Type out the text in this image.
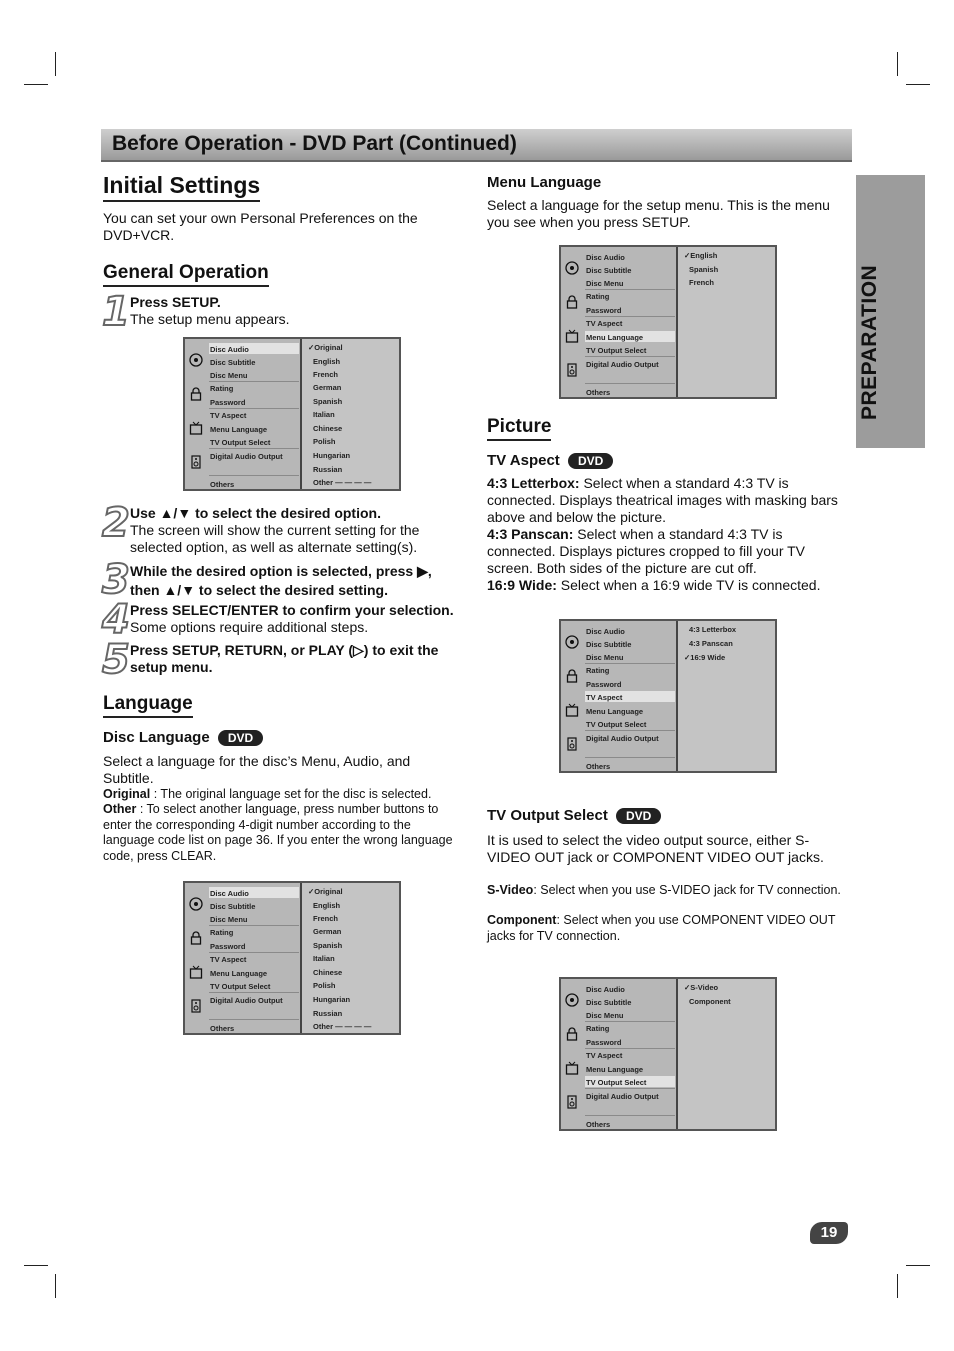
Before Operation - DVD Part (Continued)
PREPARATION
Initial Settings
You can set your own Personal Preferences on the DVD+VCR.
General Operation
1 Press SETUP.
The setup menu appears.
Disc Audio
Disc Subtitle
Disc Menu
Rating
Password
TV Aspect
Menu Language
TV Output Select
Digital Audio Output
Others
✓Original
English
French
German
Spanish
Italian
Chinese
Polish
Hungarian
Russian
Other — — — —
2 Use ▲/▼ to select the desired option.
The screen will show the current setting for the selected option, as well as alternate setting(s).
3 While the desired option is selected, press ▶, then ▲/▼ to select the desired setting.
4 Press SELECT/ENTER to confirm your selection.
Some options require additional steps.
5 Press SETUP, RETURN, or PLAY (▷) to exit the setup menu.
Language
Disc Language DVD
Select a language for the disc’s Menu, Audio, and Subtitle.
Original : The original language set for the disc is selected.
Other : To select another language, press number buttons to enter the corresponding 4-digit number according to the language code list on page 36. If you enter the wrong language code, press CLEAR.
Disc Audio
Disc Subtitle
Disc Menu
Rating
Password
TV Aspect
Menu Language
TV Output Select
Digital Audio Output
Others
✓Original
English
French
German
Spanish
Italian
Chinese
Polish
Hungarian
Russian
Other — — — —
Menu Language
Select a language for the setup menu. This is the menu you see when you press SETUP.
Disc Audio
Disc Subtitle
Disc Menu
Rating
Password
TV Aspect
Menu Language
TV Output Select
Digital Audio Output
Others
✓English
Spanish
French
Picture
TV Aspect DVD
4:3 Letterbox: Select when a standard 4:3 TV is connected. Displays theatrical images with masking bars above and below the picture.
4:3 Panscan: Select when a standard 4:3 TV is connected. Displays pictures cropped to fill your TV screen. Both sides of the picture are cut off.
16:9 Wide: Select when a 16:9 wide TV is connected.
Disc Audio
Disc Subtitle
Disc Menu
Rating
Password
TV Aspect
Menu Language
TV Output Select
Digital Audio Output
Others
4:3 Letterbox
4:3 Panscan
✓16:9 Wide
TV Output Select DVD
It is used to select the video output source, either S-VIDEO OUT jack or COMPONENT VIDEO OUT jacks.
S-Video: Select when you use S-VIDEO jack for TV connection.
Component: Select when you use COMPONENT VIDEO OUT jacks for TV connection.
Disc Audio
Disc Subtitle
Disc Menu
Rating
Password
TV Aspect
Menu Language
TV Output Select
Digital Audio Output
Others
✓S-Video
Component
19
